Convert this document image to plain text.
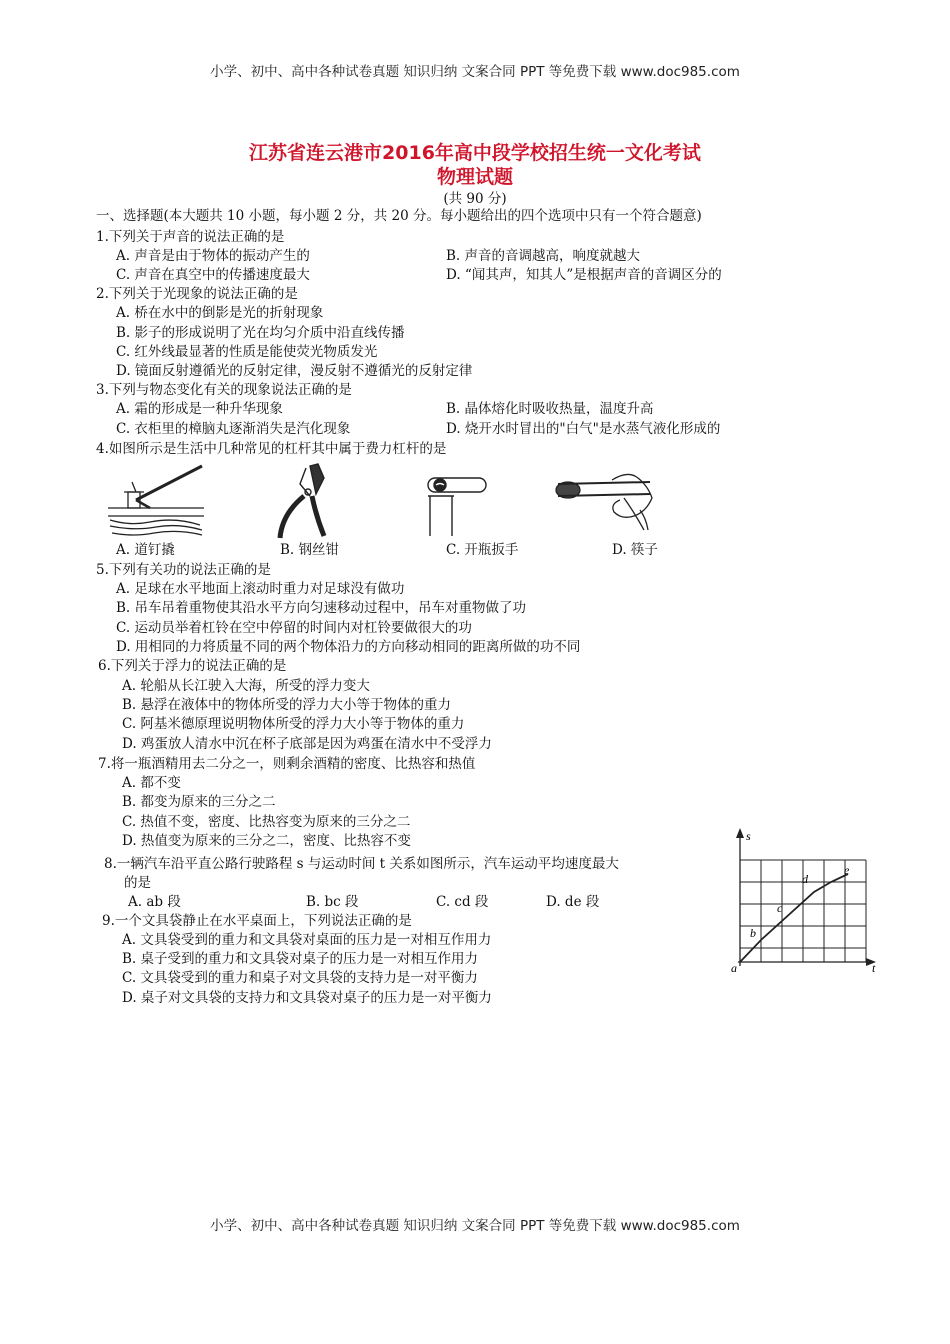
小学、初中、高中各种试卷真题 知识归纳 文案合同 PPT 等免费下载 www.doc985.com
江苏省连云港市2016年高中段学校招生统一文化考试
物理试题
(共 90 分)
一、选择题(本大题共 10 小题，每小题 2 分，共 20 分。每小题给出的四个选项中只有一个符合题意)
1.下列关于声音的说法正确的是
A. 声音是由于物体的振动产生的	B. 声音的音调越高，响度就越大
C. 声音在真空中的传播速度最大	D. “闻其声，知其人”是根据声音的音调区分的
2.下列关于光现象的说法正确的是
A. 桥在水中的倒影是光的折射现象
B. 影子的形成说明了光在均匀介质中沿直线传播
C. 红外线最显著的性质是能使荧光物质发光
D. 镜面反射遵循光的反射定律，漫反射不遵循光的反射定律
3.下列与物态变化有关的现象说法正确的是
A. 霜的形成是一种升华现象	B. 晶体熔化时吸收热量，温度升高
C. 衣柜里的樟脑丸逐渐消失是汽化现象	D. 烧开水时冒出的"白气"是水蒸气液化形成的
4.如图所示是生活中几种常见的杠杆其中属于费力杠杆的是
A. 道钉撬	B. 钢丝钳	C. 开瓶扳手	D. 筷子
5.下列有关功的说法正确的是
A. 足球在水平地面上滚动时重力对足球没有做功
B. 吊车吊着重物使其沿水平方向匀速移动过程中，吊车对重物做了功
C. 运动员举着杠铃在空中停留的时间内对杠铃要做很大的功
D. 用相同的力将质量不同的两个物体沿力的方向移动相同的距离所做的功不同
6.下列关于浮力的说法正确的是
A. 轮船从长江驶入大海，所受的浮力变大
B. 悬浮在液体中的物体所受的浮力大小等于物体的重力
C. 阿基米德原理说明物体所受的浮力大小等于物体的重力
D. 鸡蛋放人清水中沉在杯子底部是因为鸡蛋在清水中不受浮力
7.将一瓶酒精用去二分之一，则剩余酒精的密度、比热容和热值
A. 都不变
B. 都变为原来的三分之二
C. 热值不变，密度、比热容变为原来的三分之二
D. 热值变为原来的三分之二，密度、比热容不变
8.一辆汽车沿平直公路行驶路程 s 与运动时间 t 关系如图所示，汽车运动平均速度最大
的是
A. ab 段	B. bc 段	C. cd 段	D. de 段
9.一个文具袋静止在水平桌面上，下列说法正确的是
A. 文具袋受到的重力和文具袋对桌面的压力是一对相互作用力
B. 桌子受到的重力和文具袋对桌子的压力是一对相互作用力
C. 文具袋受到的重力和桌子对文具袋的支持力是一对平衡力
D. 桌子对文具袋的支持力和文具袋对桌子的压力是一对平衡力
s
t
a
b
c
d
e
小学、初中、高中各种试卷真题 知识归纳 文案合同 PPT 等免费下载 www.doc985.com
